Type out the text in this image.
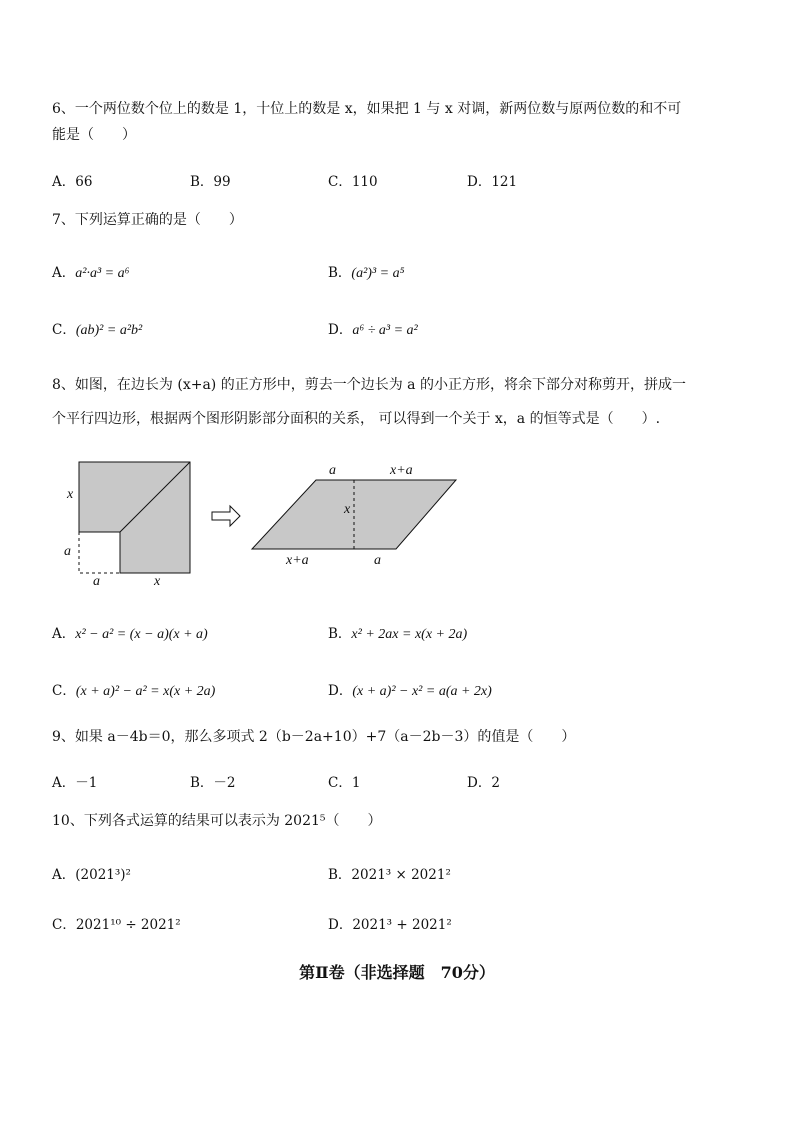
6、一个两位数个位上的数是 1，十位上的数是 x，如果把 1 与 x 对调，新两位数与原两位数的和不可
能是（　　）
A．66	B．99	C．110	D．121
7、下列运算正确的是（　　）
A．a²·a³ = a⁶	B．(a²)³ = a⁵
C．(ab)² = a²b²	D．a⁶ ÷ a³ = a²
8、如图，在边长为 (x+a) 的正方形中，剪去一个边长为 a 的小正方形，将余下部分对称剪开，拼成一
个平行四边形，根据两个图形阴影部分面积的关系， 可以得到一个关于 x，a 的恒等式是（　　）.
x
a
a	x
a	x+a
x
x+a	a
A．x² − a² = (x − a)(x + a)	B．x² + 2ax = x(x + 2a)
C．(x + a)² − a² = x(x + 2a)	D．(x + a)² − x² = a(a + 2x)
9、如果 a－4b＝0，那么多项式 2（b－2a+10）+7（a－2b－3）的值是（　　）
A．－1	B．－2	C．1	D．2
10、下列各式运算的结果可以表示为 2021⁵（　　）
A．(2021³)²	B．2021³ × 2021²
C．2021¹⁰ ÷ 2021²	D．2021³ + 2021²
第Ⅱ卷（非选择题　70分）
